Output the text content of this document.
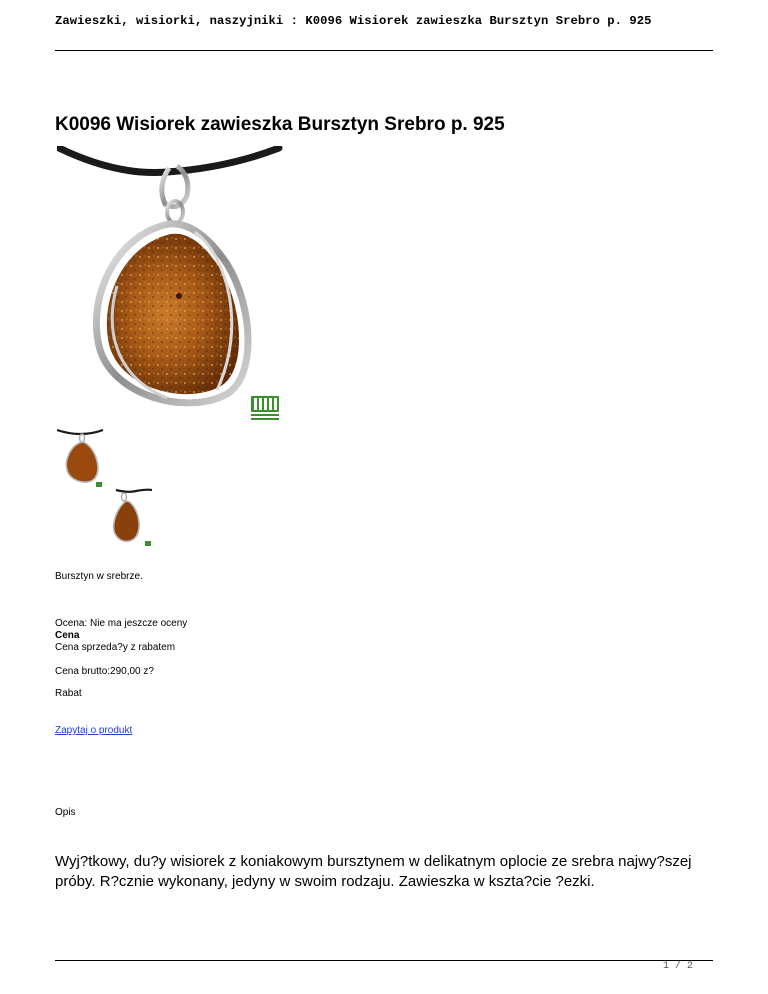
Zawieszki, wisiorki, naszyjniki : K0096 Wisiorek zawieszka Bursztyn Srebro p. 925
K0096 Wisiorek zawieszka Bursztyn Srebro p. 925
Bursztyn w srebrze.
Ocena: Nie ma jeszcze oceny
Cena
Cena sprzeda?y z rabatem
Cena brutto:290,00 z?
Rabat
Zapytaj o produkt
Opis
Wyj?tkowy, du?y wisiorek z koniakowym bursztynem w delikatnym oplocie ze srebra najwy?szej próby. R?cznie wykonany, jedyny w swoim rodzaju. Zawieszka w kszta?cie ?ezki.
1 / 2
